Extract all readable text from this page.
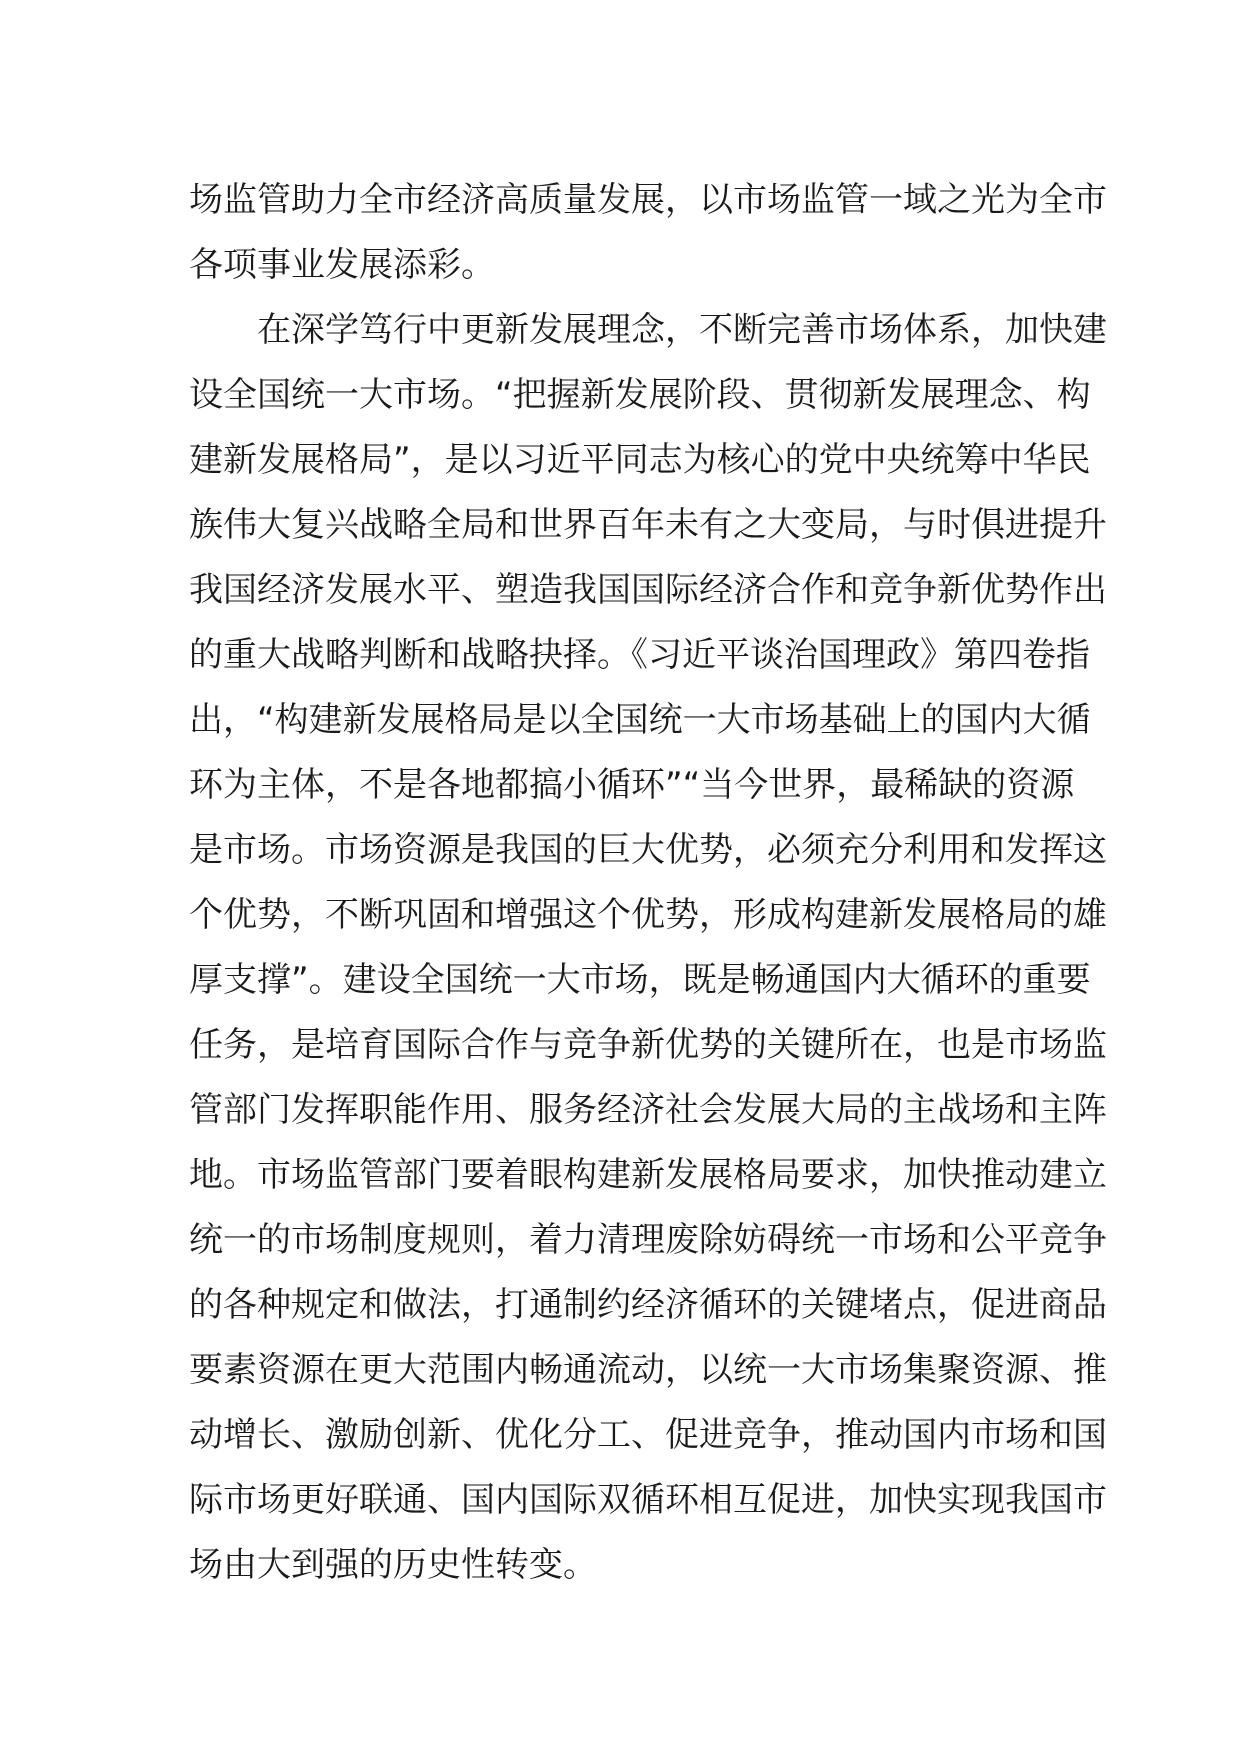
场监管助力全市经济高质量发展，以市场监管一域之光为全市
各项事业发展添彩。
　　在深学笃行中更新发展理念，不断完善市场体系，加快建
设全国统一大市场。“把握新发展阶段、贯彻新发展理念、构
建新发展格局”，是以习近平同志为核心的党中央统筹中华民
族伟大复兴战略全局和世界百年未有之大变局，与时俱进提升
我国经济发展水平、塑造我国国际经济合作和竞争新优势作出
的重大战略判断和战略抉择。《习近平谈治国理政》第四卷指
出，“构建新发展格局是以全国统一大市场基础上的国内大循
环为主体，不是各地都搞小循环”“当今世界，最稀缺的资源
是市场。市场资源是我国的巨大优势，必须充分利用和发挥这
个优势，不断巩固和增强这个优势，形成构建新发展格局的雄
厚支撑”。建设全国统一大市场，既是畅通国内大循环的重要
任务，是培育国际合作与竞争新优势的关键所在，也是市场监
管部门发挥职能作用、服务经济社会发展大局的主战场和主阵
地。市场监管部门要着眼构建新发展格局要求，加快推动建立
统一的市场制度规则，着力清理废除妨碍统一市场和公平竞争
的各种规定和做法，打通制约经济循环的关键堵点，促进商品
要素资源在更大范围内畅通流动，以统一大市场集聚资源、推
动增长、激励创新、优化分工、促进竞争，推动国内市场和国
际市场更好联通、国内国际双循环相互促进，加快实现我国市
场由大到强的历史性转变。
